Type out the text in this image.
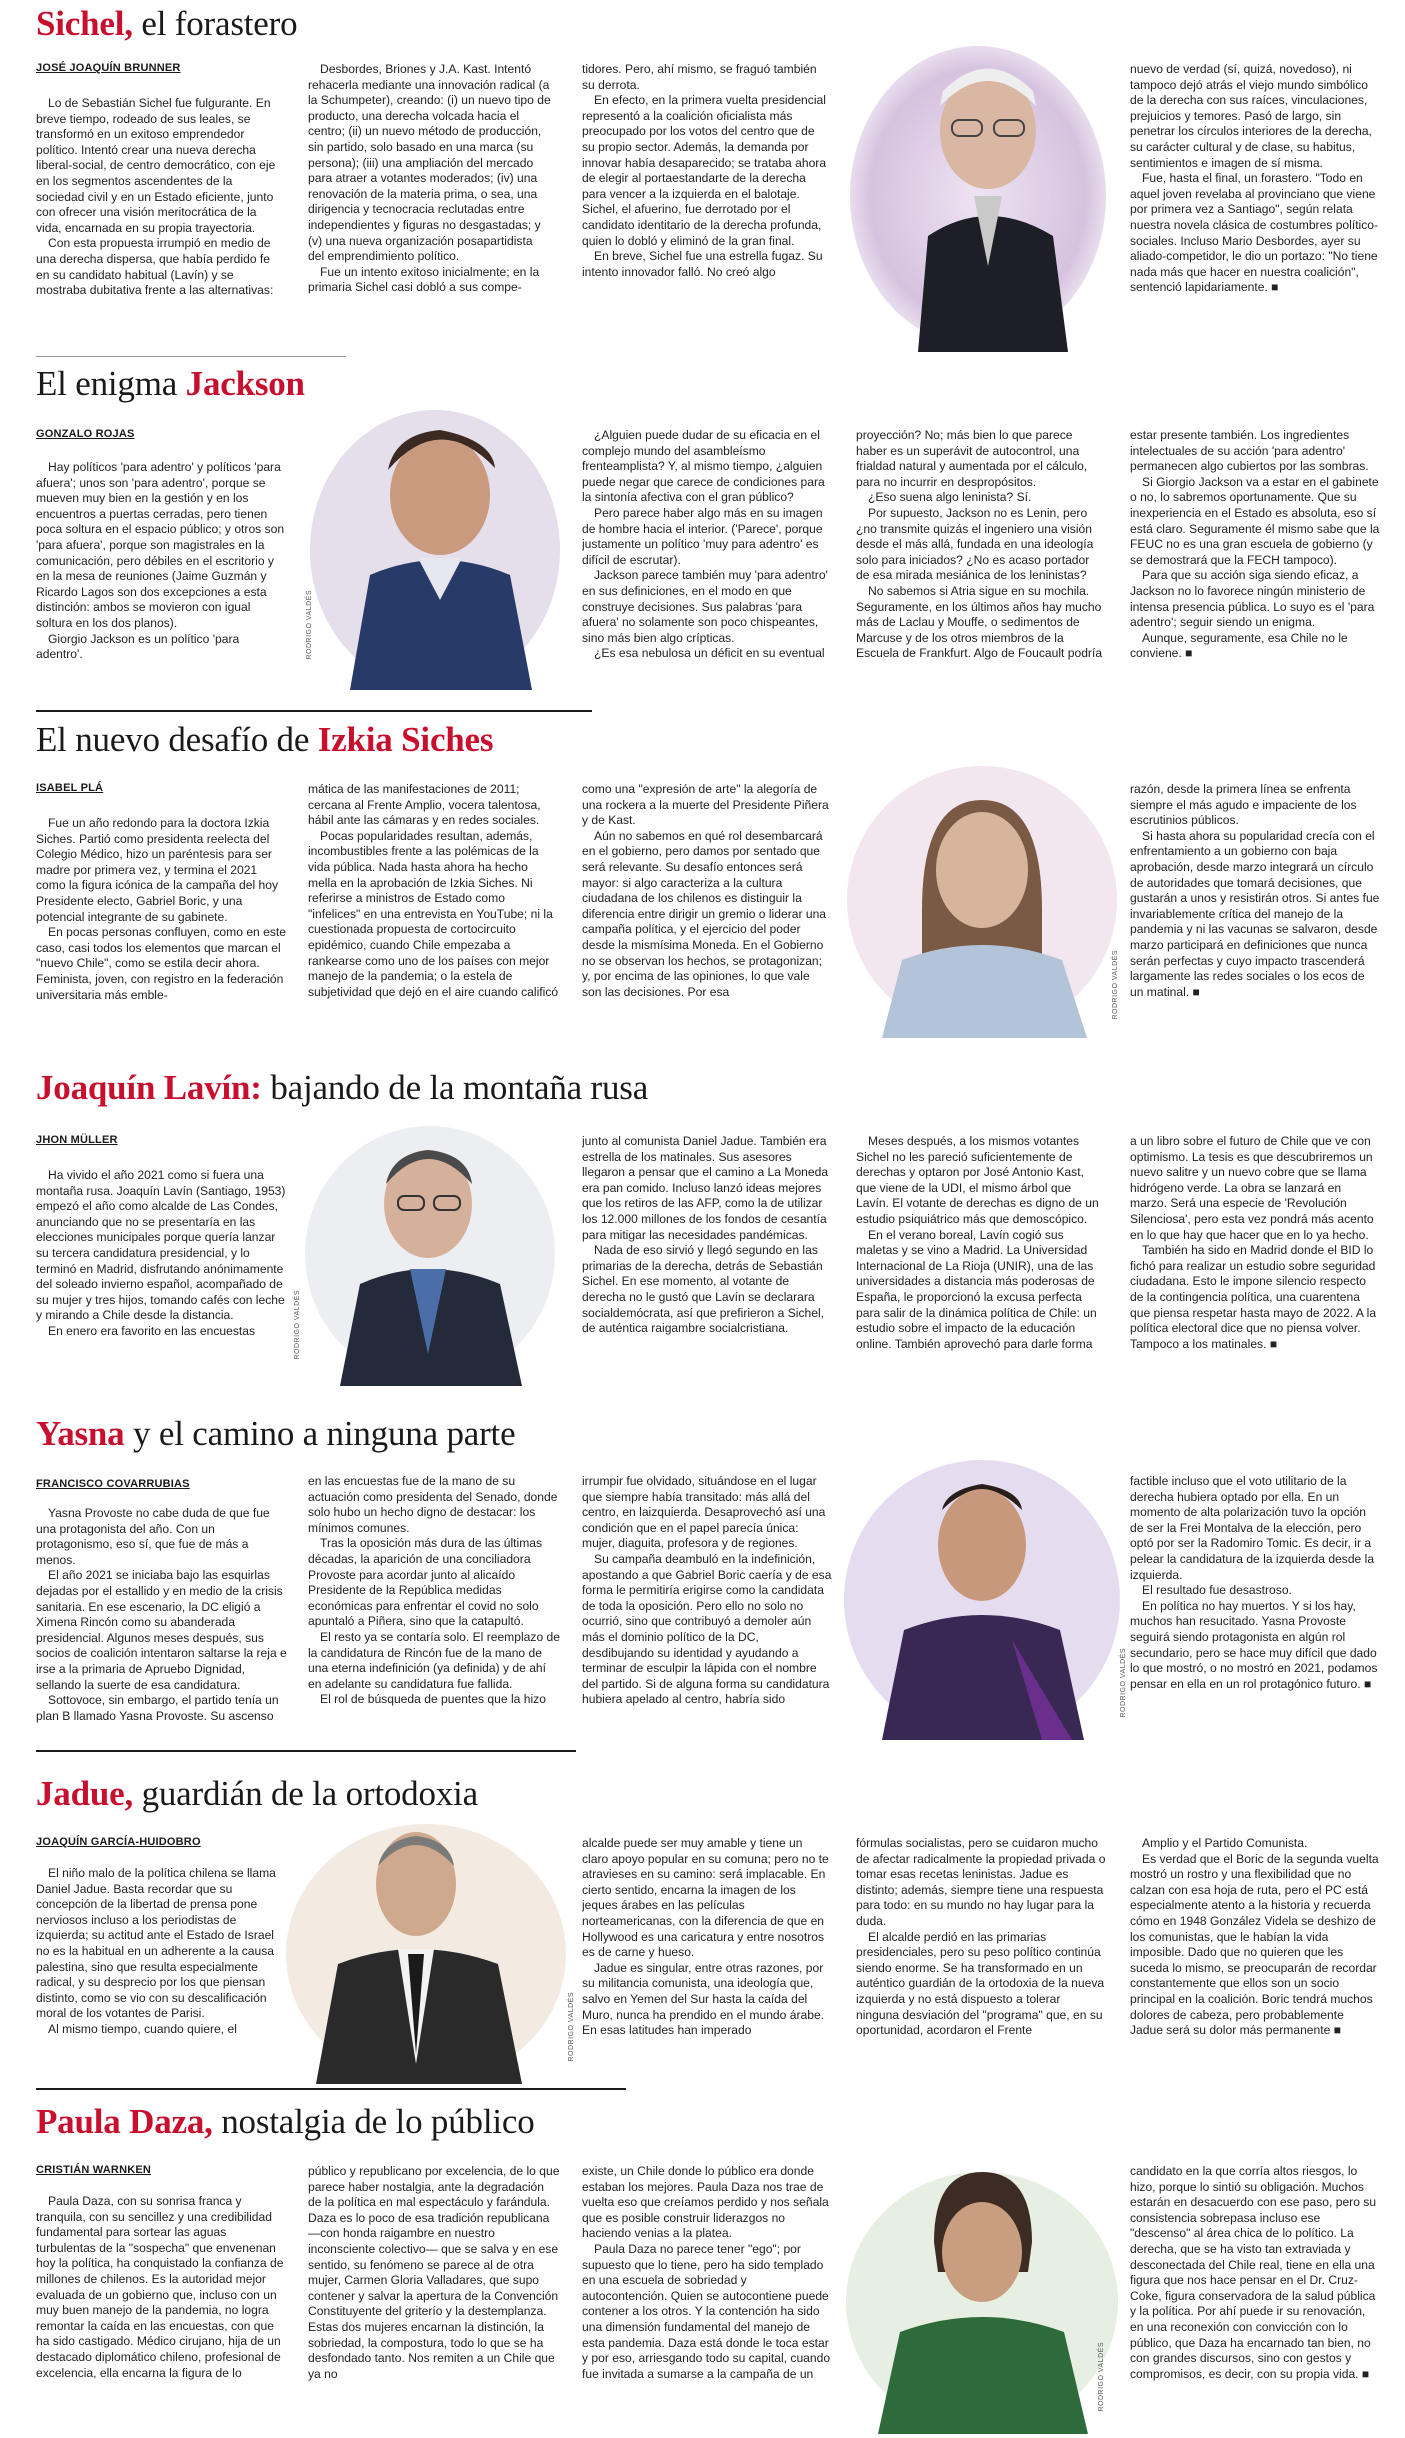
Sichel, el forastero
JOSÉ JOAQUÍN BRUNNER

Lo de Sebastián Sichel fue fulgurante. En breve tiempo, rodeado de sus leales, se transformó en un exitoso emprendedor político. Intentó crear una nueva derecha liberal-social, de centro democrático, con eje en los segmentos ascendentes de la sociedad civil y en un Estado eficiente, junto con ofrecer una visión meritocrática de la vida, encarnada en su propia trayectoria.

Con esta propuesta irrumpió en medio de una derecha dispersa, que había perdido fe en su candidato habitual (Lavín) y se mostraba dubitativa frente a las alternativas:

Desbordes, Briones y J.A. Kast. Intentó rehacerla mediante una innovación radical (a la Schumpeter), creando: (i) un nuevo tipo de producto, una derecha volcada hacia el centro; (ii) un nuevo método de producción, sin partido, solo basado en una marca (su persona); (iii) una ampliación del mercado para atraer a votantes moderados; (iv) una renovación de la materia prima, o sea, una dirigencia y tecnocracia reclutadas entre independientes y figuras no desgastadas; y (v) una nueva organización posapartidista del emprendimiento político.

Fue un intento exitoso inicialmente; en la primaria Sichel casi dobló a sus compe-

tidores. Pero, ahí mismo, se fraguó también su derrota.

En efecto, en la primera vuelta presidencial representó a la coalición oficialista más preocupado por los votos del centro que de su propio sector. Además, la demanda por innovar había desaparecido; se trataba ahora de elegir al portaestandarte de la derecha para vencer a la izquierda en el balotaje. Sichel, el afuerino, fue derrotado por el candidato identitario de la derecha profunda, quien lo dobló y eliminó de la gran final.

En breve, Sichel fue una estrella fugaz. Su intento innovador falló. No creó algo

nuevo de verdad (sí, quizá, novedoso), ni tampoco dejó atrás el viejo mundo simbólico de la derecha con sus raíces, vinculaciones, prejuicios y temores. Pasó de largo, sin penetrar los círculos interiores de la derecha, su carácter cultural y de clase, su habitus, sentimientos e imagen de sí misma.

Fue, hasta el final, un forastero. "Todo en aquel joven revelaba al provinciano que viene por primera vez a Santiago", según relata nuestra novela clásica de costumbres político-sociales. Incluso Mario Desbordes, ayer su aliado-competidor, le dio un portazo: "No tiene nada más que hacer en nuestra coalición", sentenció lapidariamente. ■

El enigma Jackson
GONZALO ROJAS

Hay políticos 'para adentro' y políticos 'para afuera'; unos son 'para adentro', porque se mueven muy bien en la gestión y en los encuentros a puertas cerradas, pero tienen poca soltura en el espacio público; y otros son 'para afuera', porque son magistrales en la comunicación, pero débiles en el escritorio y en la mesa de reuniones (Jaime Guzmán y Ricardo Lagos son dos excepciones a esta distinción: ambos se movieron con igual soltura en los dos planos).

Giorgio Jackson es un político 'para adentro'.	RODRIGO VALDÉS

¿Alguien puede dudar de su eficacia en el complejo mundo del asambleísmo frenteamplista? Y, al mismo tiempo, ¿alguien puede negar que carece de condiciones para la sintonía afectiva con el gran público?

Pero parece haber algo más en su imagen de hombre hacia el interior. ('Parece', porque justamente un político 'muy para adentro' es difícil de escrutar).

Jackson parece también muy 'para adentro' en sus definiciones, en el modo en que construye decisiones. Sus palabras 'para afuera' no solamente son poco chispeantes, sino más bien algo crípticas.

¿Es esa nebulosa un déficit en su eventual

proyección? No; más bien lo que parece haber es un superávit de autocontrol, una frialdad natural y aumentada por el cálculo, para no incurrir en despropósitos.

¿Eso suena algo leninista? Sí.

Por supuesto, Jackson no es Lenin, pero ¿no transmite quizás el ingeniero una visión desde el más allá, fundada en una ideología solo para iniciados? ¿No es acaso portador de esa mirada mesiánica de los leninistas?

No sabemos si Atria sigue en su mochila. Seguramente, en los últimos años hay mucho más de Laclau y Mouffe, o sedimentos de Marcuse y de los otros miembros de la Escuela de Frankfurt. Algo de Foucault podría

estar presente también. Los ingredientes intelectuales de su acción 'para adentro' permanecen algo cubiertos por las sombras.

Si Giorgio Jackson va a estar en el gabinete o no, lo sabremos oportunamente. Que su inexperiencia en el Estado es absoluta, eso sí está claro. Seguramente él mismo sabe que la FEUC no es una gran escuela de gobierno (y se demostrará que la FECH tampoco).

Para que su acción siga siendo eficaz, a Jackson no lo favorece ningún ministerio de intensa presencia pública. Lo suyo es el 'para adentro'; seguir siendo un enigma.

Aunque, seguramente, esa Chile no le conviene. ■

El nuevo desafío de Izkia Siches
ISABEL PLÁ

Fue un año redondo para la doctora Izkia Siches. Partió como presidenta reelecta del Colegio Médico, hizo un paréntesis para ser madre por primera vez, y termina el 2021 como la figura icónica de la campaña del hoy Presidente electo, Gabriel Boric, y una potencial integrante de su gabinete.

En pocas personas confluyen, como en este caso, casi todos los elementos que marcan el "nuevo Chile", como se estila decir ahora. Feminista, joven, con registro en la federación universitaria más emble-

mática de las manifestaciones de 2011; cercana al Frente Amplio, vocera talentosa, hábil ante las cámaras y en redes sociales.

Pocas popularidades resultan, además, incombustibles frente a las polémicas de la vida pública. Nada hasta ahora ha hecho mella en la aprobación de Izkia Siches. Ni referirse a ministros de Estado como "infelices" en una entrevista en YouTube; ni la cuestionada propuesta de cortocircuito epidémico, cuando Chile empezaba a rankearse como uno de los países con mejor manejo de la pandemia; o la estela de subjetividad que dejó en el aire cuando calificó

como una "expresión de arte" la alegoría de una rockera a la muerte del Presidente Piñera y de Kast.

Aún no sabemos en qué rol desembarcará en el gobierno, pero damos por sentado que será relevante. Su desafío entonces será mayor: si algo caracteriza a la cultura ciudadana de los chilenos es distinguir la diferencia entre dirigir un gremio o liderar una campaña política, y el ejercicio del poder desde la mismísima Moneda. En el Gobierno no se observan los hechos, se protagonizan; y, por encima de las opiniones, lo que vale son las decisiones. Por esa	RODRIGO VALDÉS

razón, desde la primera línea se enfrenta siempre el más agudo e impaciente de los escrutinios públicos.

Si hasta ahora su popularidad crecía con el enfrentamiento a un gobierno con baja aprobación, desde marzo integrará un círculo de autoridades que tomará decisiones, que gustarán a unos y resistirán otros. Si antes fue invariablemente crítica del manejo de la pandemia y ni las vacunas se salvaron, desde marzo participará en definiciones que nunca serán perfectas y cuyo impacto trascenderá largamente las redes sociales o los ecos de un matinal. ■

Joaquín Lavín: bajando de la montaña rusa
JHON MÜLLER

Ha vivido el año 2021 como si fuera una montaña rusa. Joaquín Lavín (Santiago, 1953) empezó el año como alcalde de Las Condes, anunciando que no se presentaría en las elecciones municipales porque quería lanzar su tercera candidatura presidencial, y lo terminó en Madrid, disfrutando anónimamente del soleado invierno español, acompañado de su mujer y tres hijos, tomando cafés con leche y mirando a Chile desde la distancia.

En enero era favorito en las encuestas	RODRIGO VALDÉS

junto al comunista Daniel Jadue. También era estrella de los matinales. Sus asesores llegaron a pensar que el camino a La Moneda era pan comido. Incluso lanzó ideas mejores que los retiros de las AFP, como la de utilizar los 12.000 millones de los fondos de cesantía para mitigar las necesidades pandémicas.

Nada de eso sirvió y llegó segundo en las primarias de la derecha, detrás de Sebastián Sichel. En ese momento, al votante de derecha no le gustó que Lavín se declarara socialdemócrata, así que prefirieron a Sichel, de auténtica raigambre socialcristiana.

Meses después, a los mismos votantes Sichel no les pareció suficientemente de derechas y optaron por José Antonio Kast, que viene de la UDI, el mismo árbol que Lavín. El votante de derechas es digno de un estudio psiquiátrico más que demoscópico.

En el verano boreal, Lavín cogió sus maletas y se vino a Madrid. La Universidad Internacional de La Rioja (UNIR), una de las universidades a distancia más poderosas de España, le proporcionó la excusa perfecta para salir de la dinámica política de Chile: un estudio sobre el impacto de la educación online. También aprovechó para darle forma

a un libro sobre el futuro de Chile que ve con optimismo. La tesis es que descubriremos un nuevo salitre y un nuevo cobre que se llama hidrógeno verde. La obra se lanzará en marzo. Será una especie de 'Revolución Silenciosa', pero esta vez pondrá más acento en lo que hay que hacer que en lo ya hecho.

También ha sido en Madrid donde el BID lo fichó para realizar un estudio sobre seguridad ciudadana. Esto le impone silencio respecto de la contingencia política, una cuarentena que piensa respetar hasta mayo de 2022. A la política electoral dice que no piensa volver. Tampoco a los matinales. ■

Yasna y el camino a ninguna parte
FRANCISCO COVARRUBIAS

Yasna Provoste no cabe duda de que fue una protagonista del año. Con un protagonismo, eso sí, que fue de más a menos.

El año 2021 se iniciaba bajo las esquirlas dejadas por el estallido y en medio de la crisis sanitaria. En ese escenario, la DC eligió a Ximena Rincón como su abanderada presidencial. Algunos meses después, sus socios de coalición intentaron saltarse la reja e irse a la primaria de Apruebo Dignidad, sellando la suerte de esa candidatura.

Sottovoce, sin embargo, el partido tenía un plan B llamado Yasna Provoste. Su ascenso

en las encuestas fue de la mano de su actuación como presidenta del Senado, donde solo hubo un hecho digno de destacar: los mínimos comunes.

Tras la oposición más dura de las últimas décadas, la aparición de una conciliadora Provoste para acordar junto al alicaído Presidente de la República medidas económicas para enfrentar el covid no solo apuntaló a Piñera, sino que la catapultó.

El resto ya se contaría solo. El reemplazo de la candidatura de Rincón fue de la mano de una eterna indefinición (ya definida) y de ahí en adelante su candidatura fue fallida.

El rol de búsqueda de puentes que la hizo

irrumpir fue olvidado, situándose en el lugar que siempre había transitado: más allá del centro, en laizquierda. Desaprovechó así una condición que en el papel parecía única: mujer, diaguita, profesora y de regiones.

Su campaña deambuló en la indefinición, apostando a que Gabriel Boric caería y de esa forma le permitiría erigirse como la candidata de toda la oposición. Pero ello no solo no ocurrió, sino que contribuyó a demoler aún más el dominio político de la DC, desdibujando su identidad y ayudando a terminar de esculpir la lápida con el nombre del partido. Si de alguna forma su candidatura hubiera apelado al centro, habría sido	RODRIGO VALDÉS

factible incluso que el voto utilitario de la derecha hubiera optado por ella. En un momento de alta polarización tuvo la opción de ser la Frei Montalva de la elección, pero optó por ser la Radomiro Tomic. Es decir, ir a pelear la candidatura de la izquierda desde la izquierda.

El resultado fue desastroso.

En política no hay muertos. Y si los hay, muchos han resucitado. Yasna Provoste seguirá siendo protagonista en algún rol secundario, pero se hace muy difícil que dado lo que mostró, o no mostró en 2021, podamos pensar en ella en un rol protagónico futuro. ■

Jadue, guardián de la ortodoxia
JOAQUÍN GARCÍA-HUIDOBRO

El niño malo de la política chilena se llama Daniel Jadue. Basta recordar que su concepción de la libertad de prensa pone nerviosos incluso a los periodistas de izquierda; su actitud ante el Estado de Israel no es la habitual en un adherente a la causa palestina, sino que resulta especialmente radical, y su desprecio por los que piensan distinto, como se vio con su descalificación moral de los votantes de Parisi.

Al mismo tiempo, cuando quiere, el	RODRIGO VALDÉS

alcalde puede ser muy amable y tiene un claro apoyo popular en su comuna; pero no te atravieses en su camino: será implacable. En cierto sentido, encarna la imagen de los jeques árabes en las películas norteamericanas, con la diferencia de que en Hollywood es una caricatura y entre nosotros es de carne y hueso.

Jadue es singular, entre otras razones, por su militancia comunista, una ideología que, salvo en Yemen del Sur hasta la caída del Muro, nunca ha prendido en el mundo árabe. En esas latitudes han imperado

fórmulas socialistas, pero se cuidaron mucho de afectar radicalmente la propiedad privada o tomar esas recetas leninistas. Jadue es distinto; además, siempre tiene una respuesta para todo: en su mundo no hay lugar para la duda.

El alcalde perdió en las primarias presidenciales, pero su peso político continúa siendo enorme. Se ha transformado en un auténtico guardián de la ortodoxia de la nueva izquierda y no está dispuesto a tolerar ninguna desviación del "programa" que, en su oportunidad, acordaron el Frente

Amplio y el Partido Comunista.

Es verdad que el Boric de la segunda vuelta mostró un rostro y una flexibilidad que no calzan con esa hoja de ruta, pero el PC está especialmente atento a la historia y recuerda cómo en 1948 González Videla se deshizo de los comunistas, que le habían la vida imposible. Dado que no quieren que les suceda lo mismo, se preocuparán de recordar constantemente que ellos son un socio principal en la coalición. Boric tendrá muchos dolores de cabeza, pero probablemente Jadue será su dolor más permanente ■

Paula Daza, nostalgia de lo público
CRISTIÁN WARNKEN

Paula Daza, con su sonrisa franca y tranquila, con su sencillez y una credibilidad fundamental para sortear las aguas turbulentas de la "sospecha" que envenenan hoy la política, ha conquistado la confianza de millones de chilenos. Es la autoridad mejor evaluada de un gobierno que, incluso con un muy buen manejo de la pandemia, no logra remontar la caída en las encuestas, con que ha sido castigado. Médico cirujano, hija de un destacado diplomático chileno, profesional de excelencia, ella encarna la figura de lo

público y republicano por excelencia, de lo que parece haber nostalgia, ante la degradación de la política en mal espectáculo y farándula. Daza es lo poco de esa tradición republicana —con honda raigambre en nuestro inconsciente colectivo— que se salva y en ese sentido, su fenómeno se parece al de otra mujer, Carmen Gloria Valladares, que supo contener y salvar la apertura de la Convención Constituyente del griterío y la destemplanza. Estas dos mujeres encarnan la distinción, la sobriedad, la compostura, todo lo que se ha desfondado tanto. Nos remiten a un Chile que ya no

existe, un Chile donde lo público era donde estaban los mejores. Paula Daza nos trae de vuelta eso que creíamos perdido y nos señala que es posible construir liderazgos no haciendo venias a la platea.

Paula Daza no parece tener "ego"; por supuesto que lo tiene, pero ha sido templado en una escuela de sobriedad y autocontención. Quien se autocontiene puede contener a los otros. Y la contención ha sido una dimensión fundamental del manejo de esta pandemia. Daza está donde le toca estar y por eso, arriesgando todo su capital, cuando fue invitada a sumarse a la campaña de un	RODRIGO VALDÉS

candidato en la que corría altos riesgos, lo hizo, porque lo sintió su obligación. Muchos estarán en desacuerdo con ese paso, pero su consistencia sobrepasa incluso ese "descenso" al área chica de lo político. La derecha, que se ha visto tan extraviada y desconectada del Chile real, tiene en ella una figura que nos hace pensar en el Dr. Cruz-Coke, figura conservadora de la salud pública y la política. Por ahí puede ir su renovación, en una reconexión con convicción con lo público, que Daza ha encarnado tan bien, no con grandes discursos, sino con gestos y compromisos, es decir, con su propia vida. ■
